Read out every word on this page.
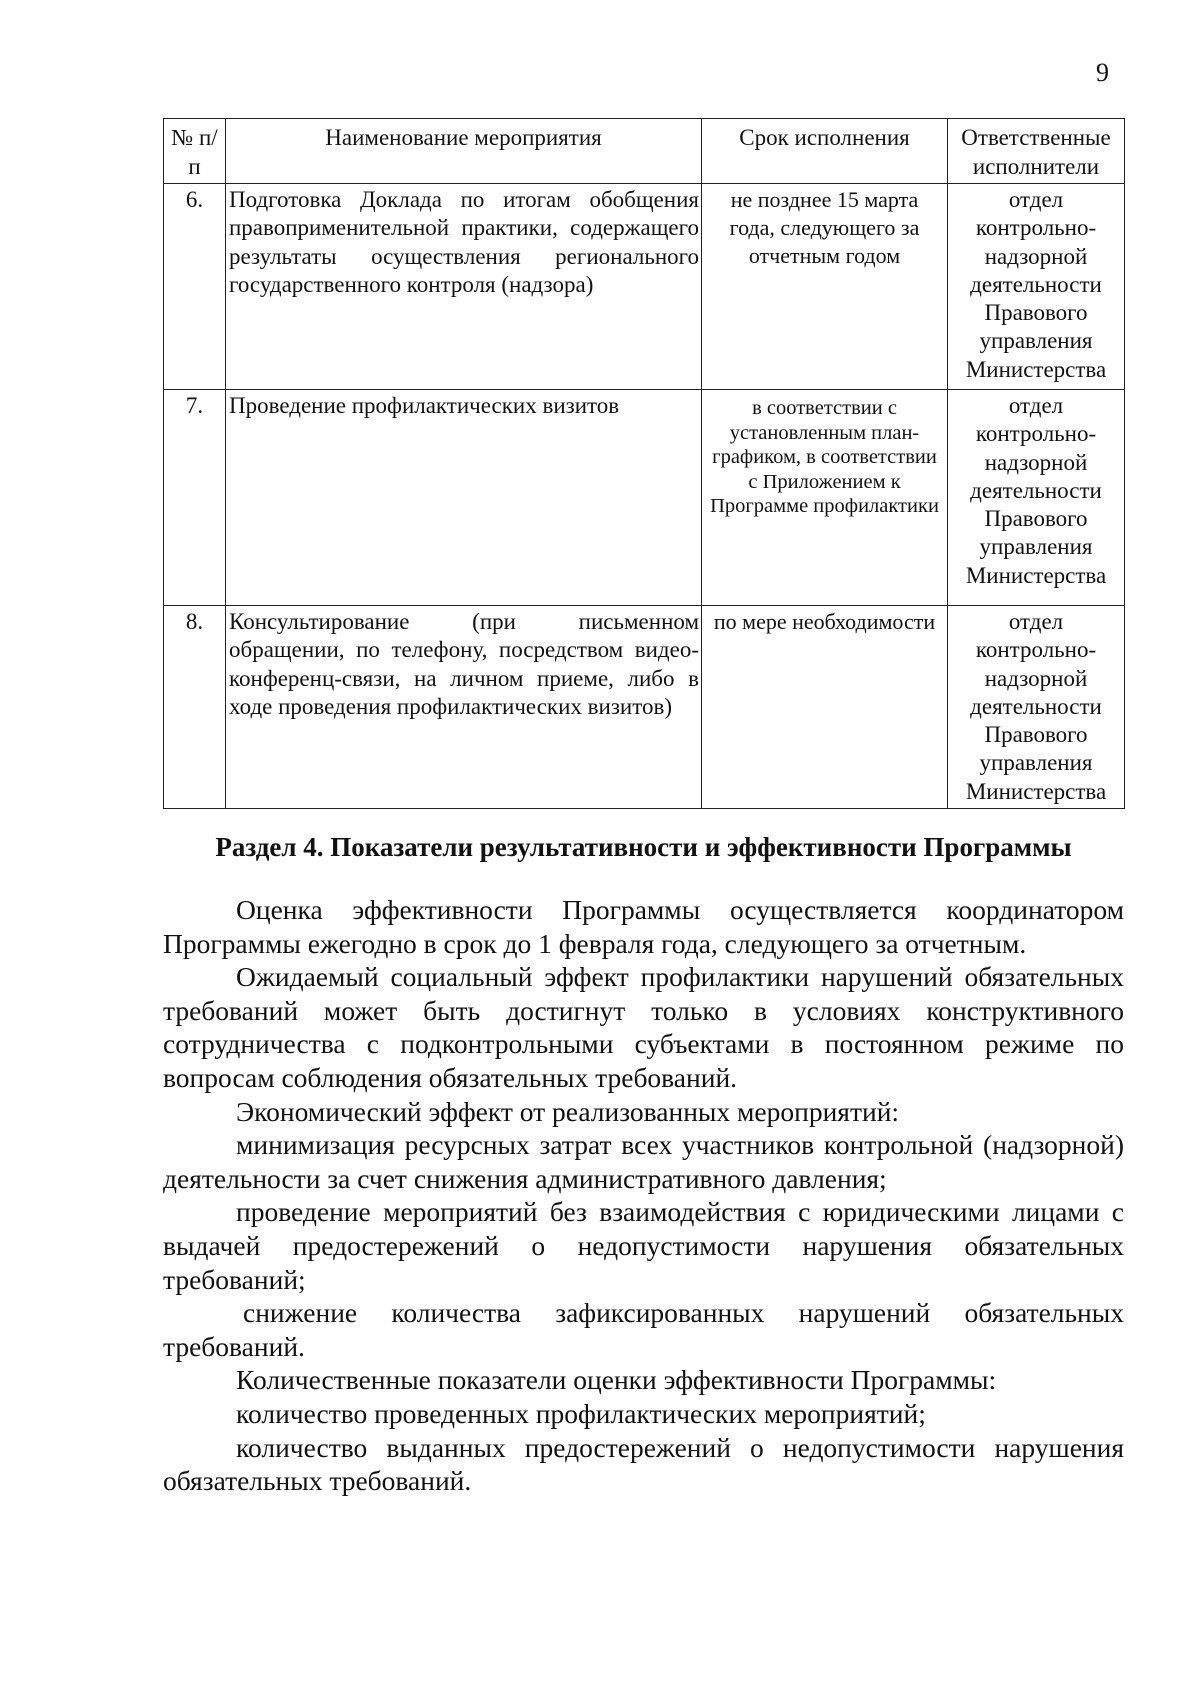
9
№ п/п	Наименование мероприятия	Срок исполнения	Ответственные исполнители
6.	Подготовка Доклада по итогам обобщения правоприменительной практики, содержащего результаты осуществления регионального государственного контроля (надзора)	не позднее 15 марта года, следующего за отчетным годом	отдел контрольно-надзорной деятельности Правового управления Министерства
7.	Проведение профилактических визитов	в соответствии с установленным план-графиком, в соответствии с Приложением к Программе профилактики	отдел контрольно-надзорной деятельности Правового управления Министерства
8.	Консультирование (при письменном обращении, по телефону, посредством видео-конференц-связи, на личном приеме, либо в ходе проведения профилактических визитов)	по мере необходимости	отдел контрольно-надзорной деятельности Правового управления Министерства
Раздел 4. Показатели результативности и эффективности Программы

Оценка эффективности Программы осуществляется координатором Программы ежегодно в срок до 1 февраля года, следующего за отчетным.

Ожидаемый социальный эффект профилактики нарушений обязательных требований может быть достигнут только в условиях конструктивного сотрудничества с подконтрольными субъектами в постоянном режиме по вопросам соблюдения обязательных требований.

Экономический эффект от реализованных мероприятий:

минимизация ресурсных затрат всех участников контрольной (надзорной) деятельности за счет снижения административного давления;

проведение мероприятий без взаимодействия с юридическими лицами с выдачей предостережений о недопустимости нарушения обязательных требований;

снижение количества зафиксированных нарушений обязательных требований.

Количественные показатели оценки эффективности Программы:

количество проведенных профилактических мероприятий;

количество выданных предостережений о недопустимости нарушения обязательных требований.
